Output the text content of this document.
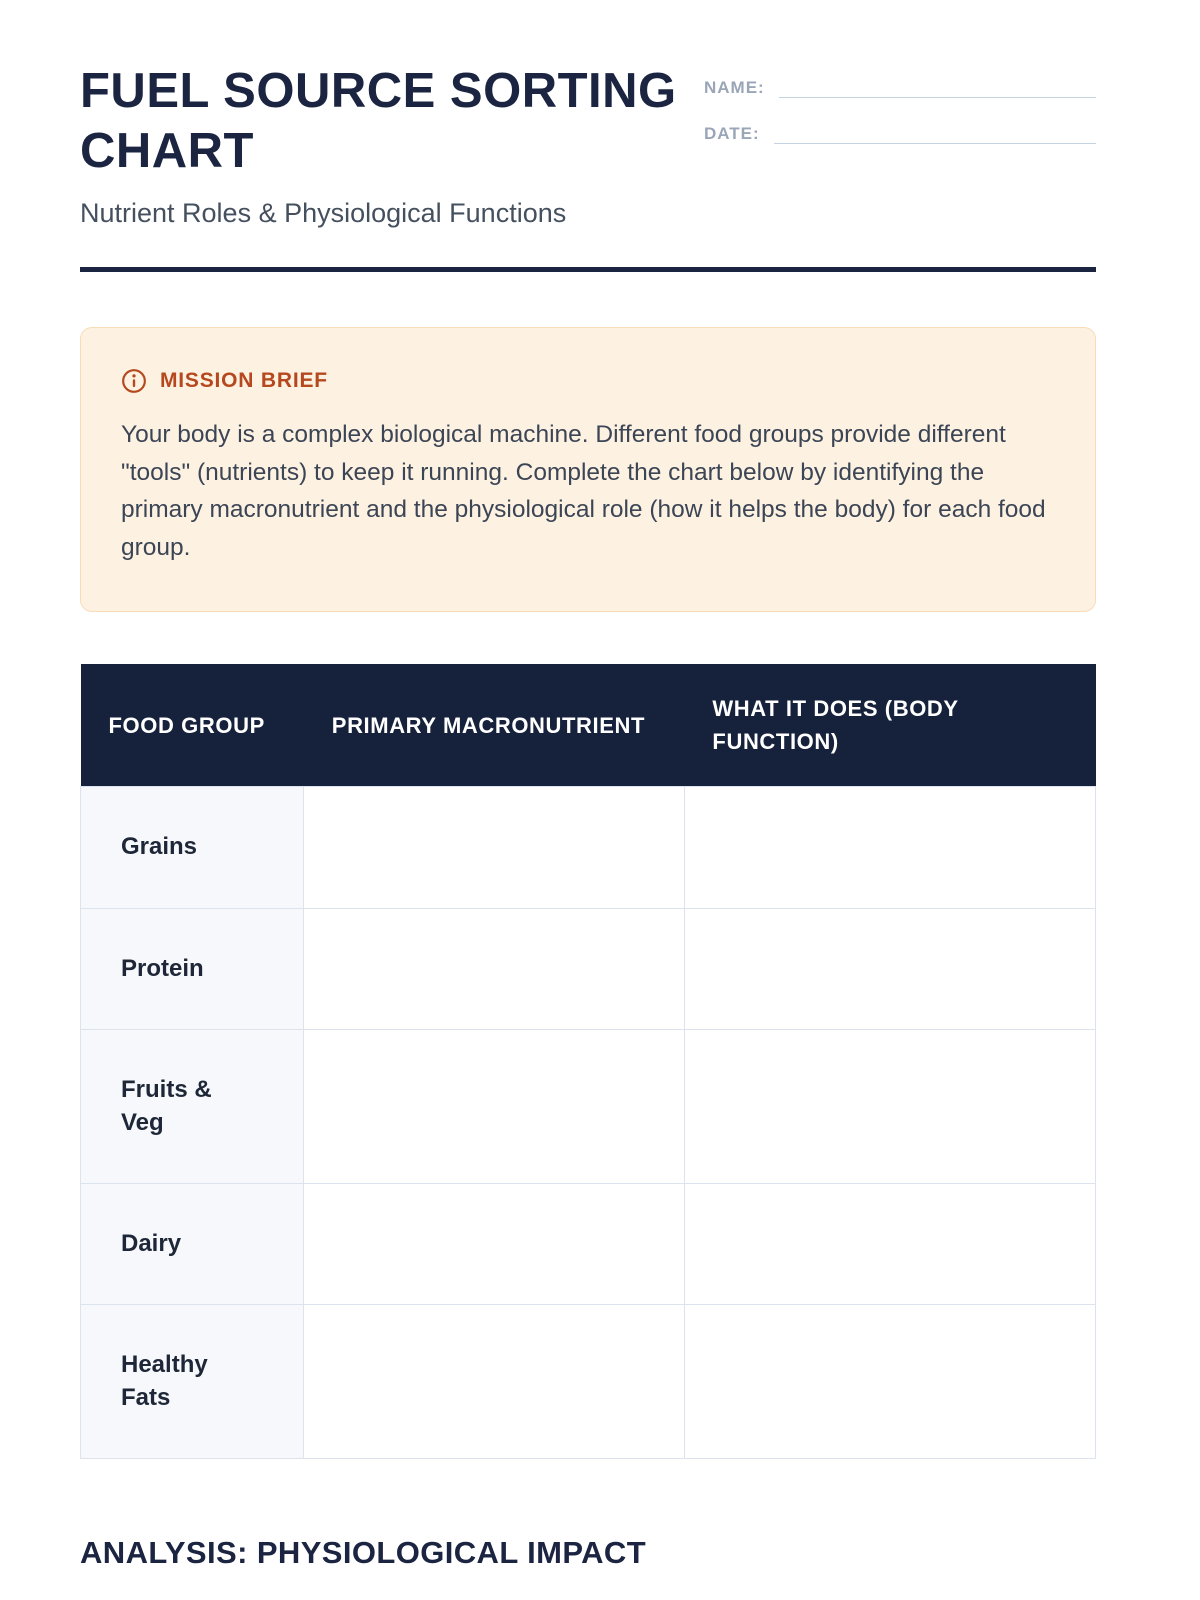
FUEL SOURCE SORTING CHART

Nutrient Roles & Physiological Functions

NAME:
DATE:
MISSION BRIEF

Your body is a complex biological machine. Different food groups provide different "tools" (nutrients) to keep it running. Complete the chart below by identifying the primary macronutrient and the physiological role (how it helps the body) for each food group.

FOOD GROUP	PRIMARY MACRONUTRIENT	WHAT IT DOES (BODY FUNCTION)
Grains		
Protein		
Fruits & Veg		
Dairy		
Healthy Fats		
ANALYSIS: PHYSIOLOGICAL IMPACT
